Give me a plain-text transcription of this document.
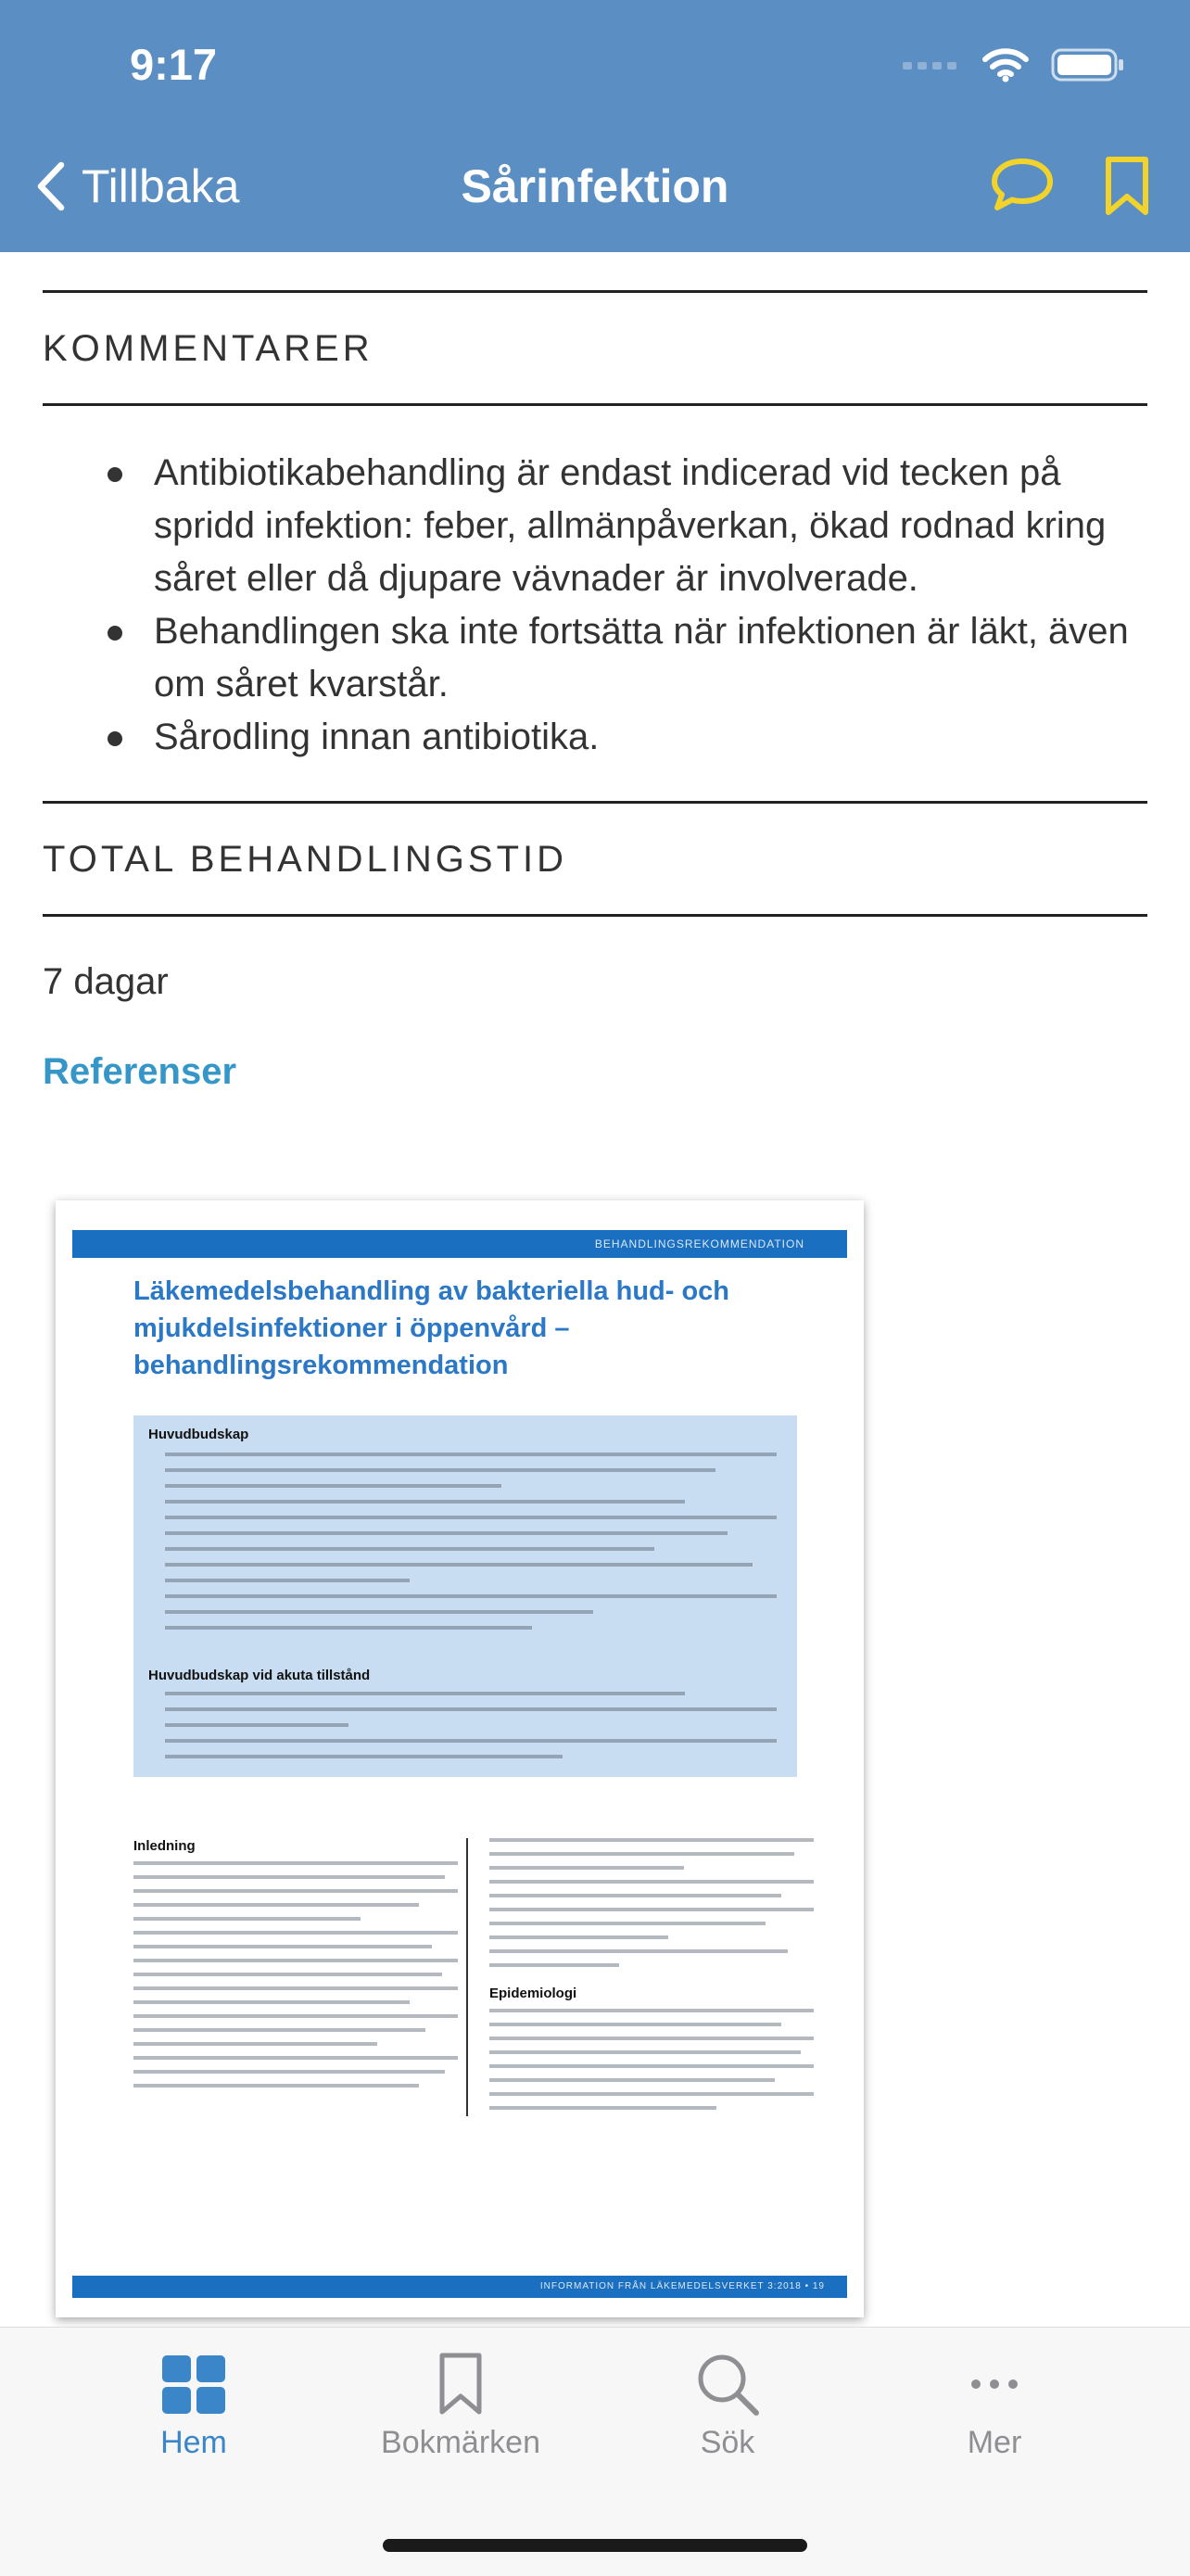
9:17
Tillbaka	Sårinfektion
KOMMENTARER
Antibiotikabehandling är endast indicerad vid tecken på spridd infektion: feber, allmänpåverkan, ökad rodnad kring såret eller då djupare vävnader är involverade.
Behandlingen ska inte fortsätta när infektionen är läkt, även om såret kvarstår.
Sårodling innan antibiotika.
TOTAL BEHANDLINGSTID
7 dagar
Referenser
BEHANDLINGSREKOMMENDATION
Läkemedelsbehandling av bakteriella hud- och mjukdelsinfektioner i öppenvård – behandlingsrekommendation
Huvudbudskap
Huvudbudskap vid akuta tillstånd
Inledning
Epidemiologi
INFORMATION FRÅN LÄKEMEDELSVERKET 3:2018 • 19
Hem	Bokmärken	Sök	Mer
